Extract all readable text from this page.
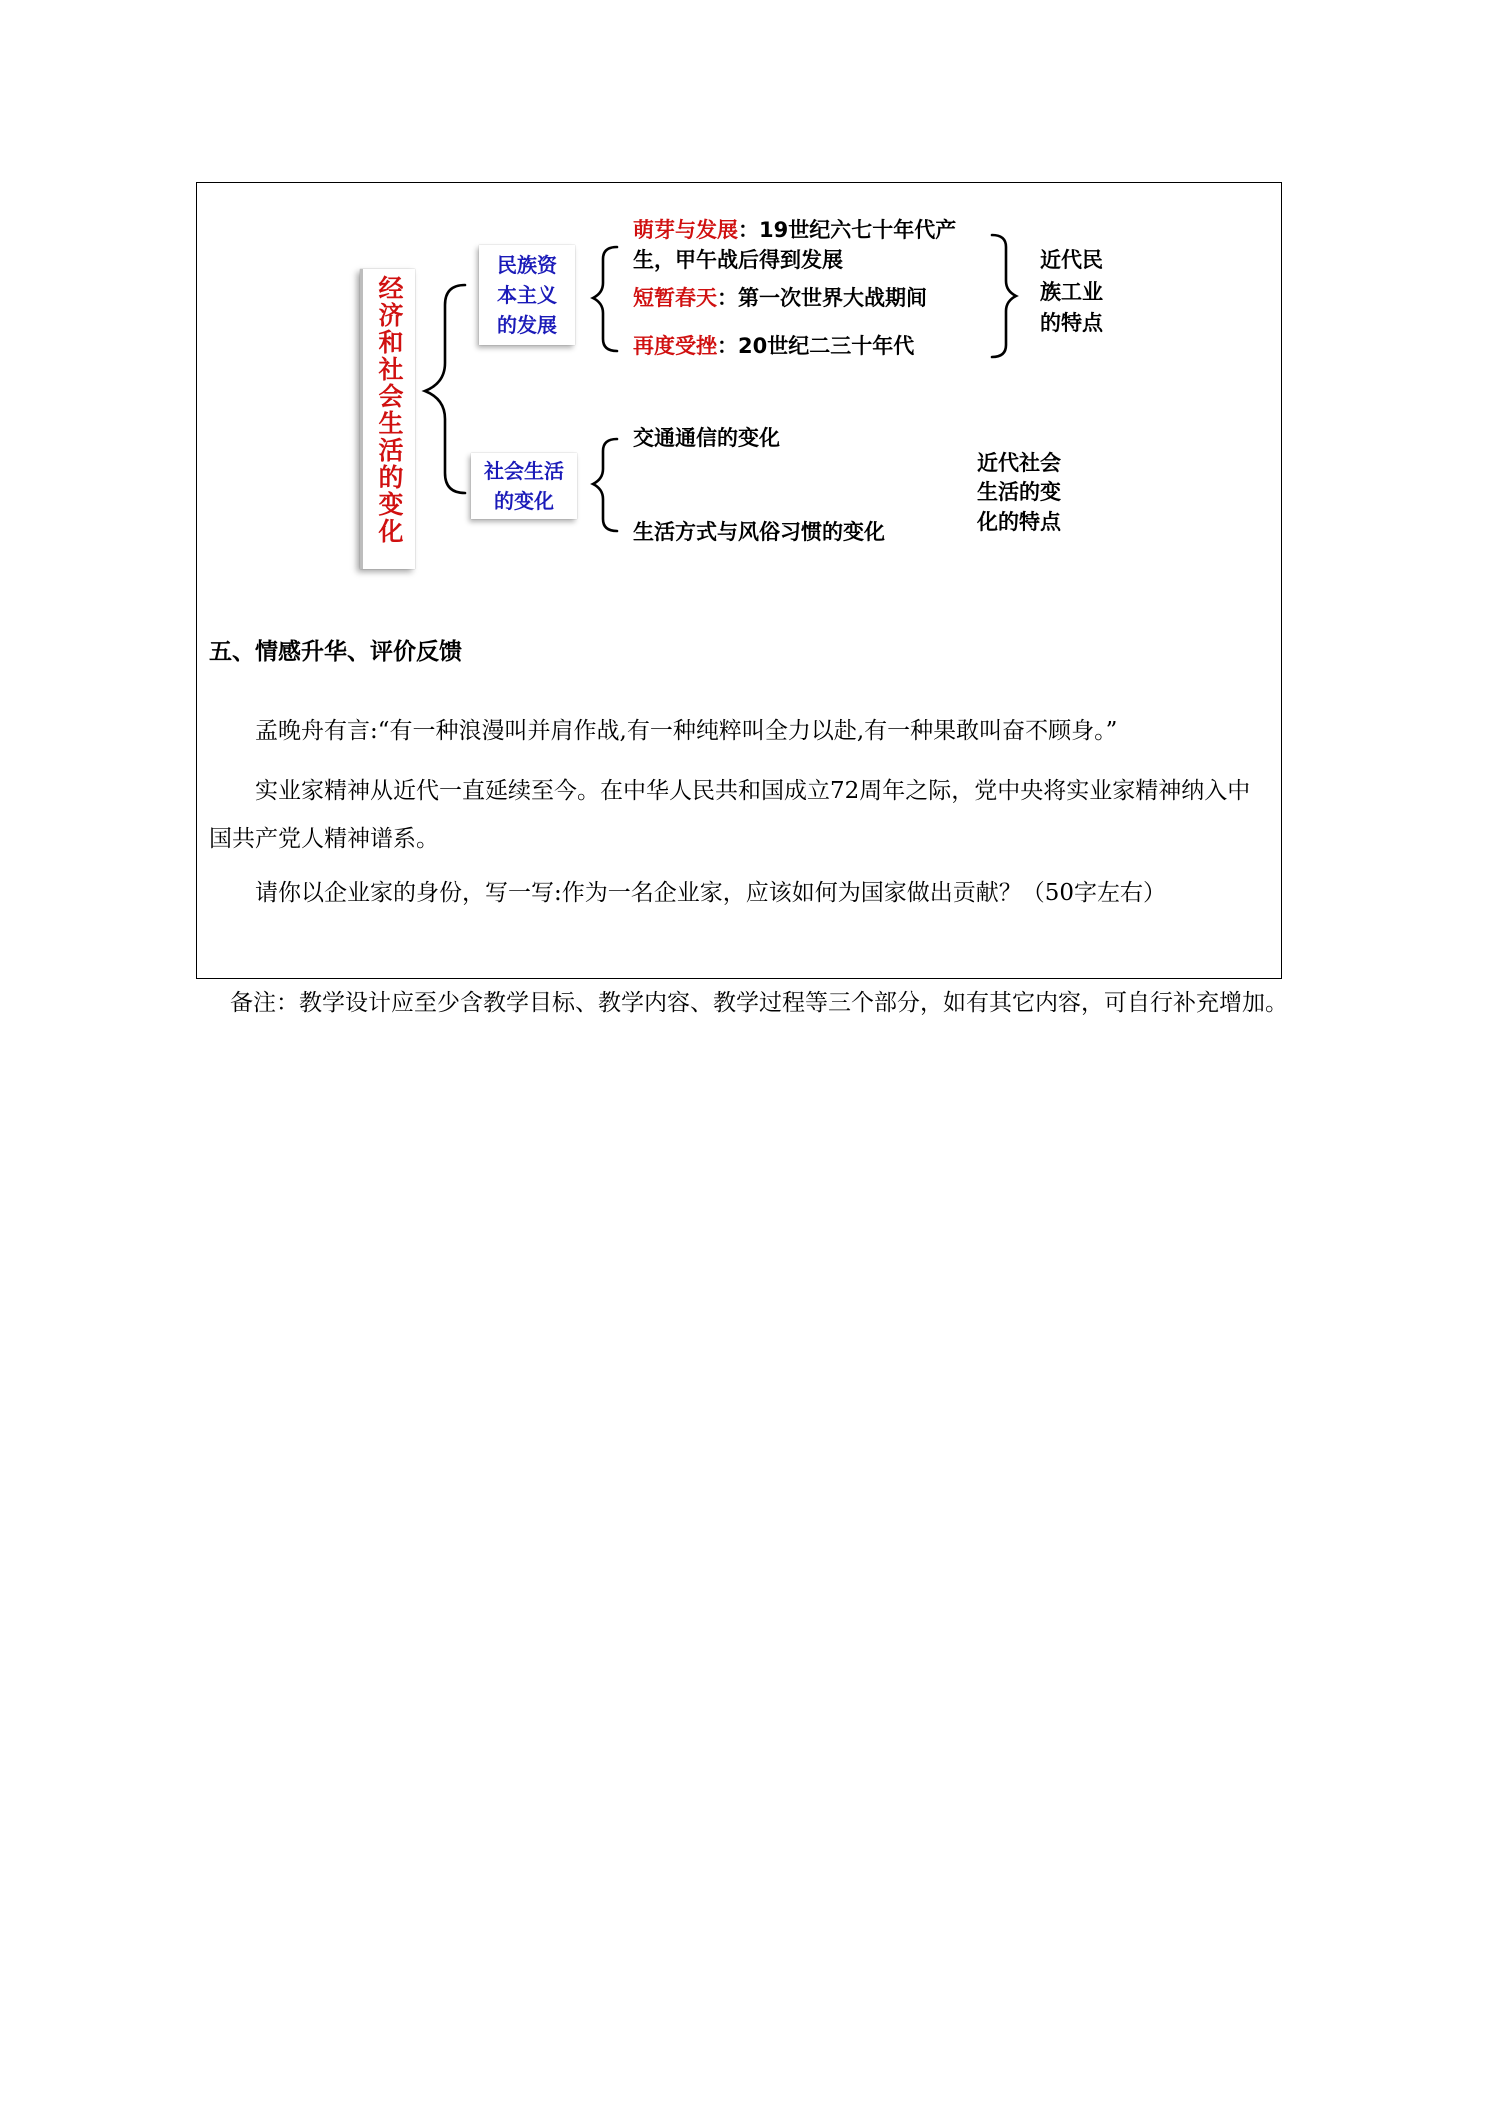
经济和社会生活的变化
民族资
本主义
的发展
社会生活
的变化
萌芽与发展：19世纪六七十年代产
生，甲午战后得到发展
短暂春天：第一次世界大战期间
再度受挫：20世纪二三十年代
近代民
族工业
的特点
交通通信的变化
生活方式与风俗习惯的变化
近代社会
生活的变
化的特点
五、情感升华、评价反馈
孟晚舟有言:“有一种浪漫叫并肩作战,有一种纯粹叫全力以赴,有一种果敢叫奋不顾身。”
实业家精神从近代一直延续至今。在中华人民共和国成立72周年之际，党中央将实业家精神纳入中国共产党人精神谱系。
请你以企业家的身份，写一写:作为一名企业家，应该如何为国家做出贡献？（50字左右）
备注：教学设计应至少含教学目标、教学内容、教学过程等三个部分，如有其它内容，可自行补充增加。
